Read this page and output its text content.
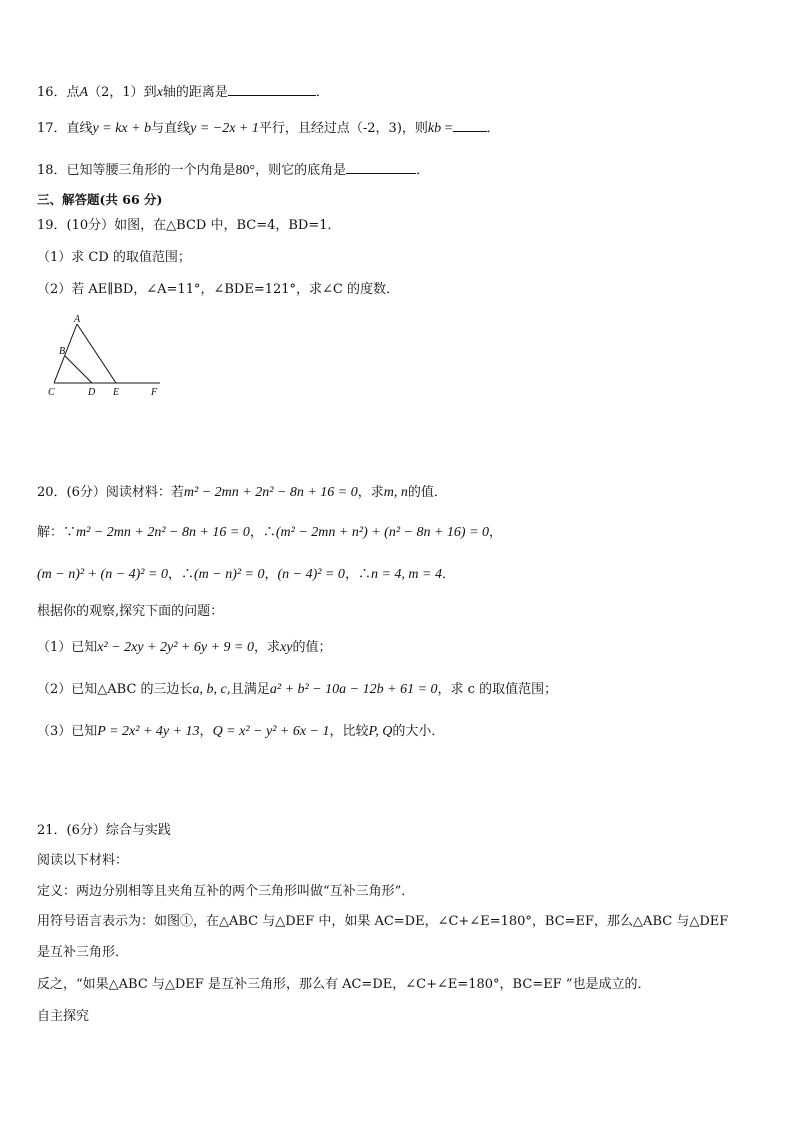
16．点A（2，1）到x轴的距离是	．
17．直线y = kx + b与直线y = −2x + 1平行，且经过点（-2，3)，则kb =	．
18．已知等腰三角形的一个内角是80°，则它的底角是	．
三、解答题(共 66 分)
19．(10分）如图，在△BCD 中，BC=4，BD=1．
（1）求 CD 的取值范围；
（2）若 AE∥BD，∠A=11°，∠BDE=121°，求∠C 的度数．
A
B
C	D E	F
20．(6分）阅读材料：若m² − 2mn + 2n² − 8n + 16 = 0，求m, n的值．
解：∵m² − 2mn + 2n² − 8n + 16 = 0，∴(m² − 2mn + n²) + (n² − 8n + 16) = 0，
(m − n)² + (n − 4)² = 0，∴(m − n)² = 0，(n − 4)² = 0，∴n = 4, m = 4．
根据你的观察,探究下面的问题：
（1）已知x² − 2xy + 2y² + 6y + 9 = 0，求xy的值；
（2）已知△ABC 的三边长a, b, c,且满足a² + b² − 10a − 12b + 61 = 0，求 c 的取值范围；
（3）已知P = 2x² + 4y + 13，Q = x² − y² + 6x − 1，比较P, Q的大小．
21．(6分）综合与实践
阅读以下材料：
定义：两边分别相等且夹角互补的两个三角形叫做“互补三角形”．
用符号语言表示为：如图①，在△ABC 与△DEF 中，如果 AC=DE，∠C+∠E=180°，BC=EF，那么△ABC 与△DEF
是互补三角形．
反之，“如果△ABC 与△DEF 是互补三角形，那么有 AC=DE，∠C+∠E=180°，BC=EF ”也是成立的．
自主探究
